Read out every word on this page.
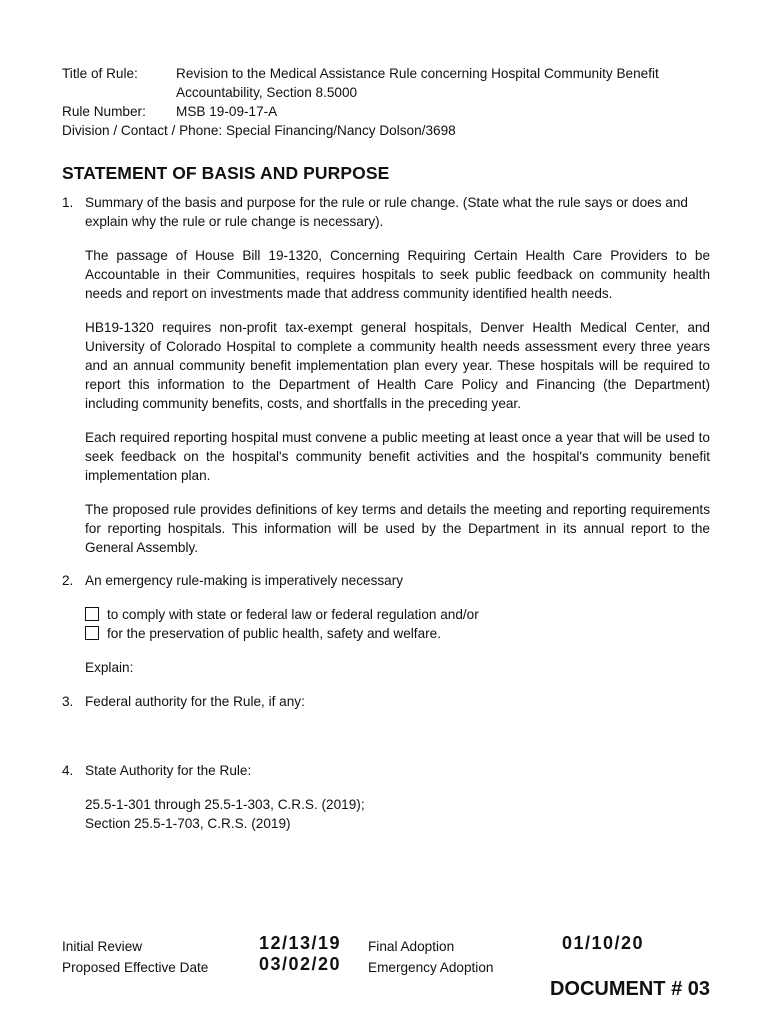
Title of Rule:	Revision to the Medical Assistance Rule concerning Hospital Community Benefit
Accountability, Section 8.5000
Rule Number: MSB 19-09-17-A
Division / Contact / Phone: Special Financing/Nancy Dolson/3698
STATEMENT OF BASIS AND PURPOSE
1. Summary of the basis and purpose for the rule or rule change. (State what the rule says or does and explain why the rule or rule change is necessary).
The passage of House Bill 19-1320, Concerning Requiring Certain Health Care Providers to be Accountable in their Communities, requires hospitals to seek public feedback on community health needs and report on investments made that address community identified health needs.
HB19-1320 requires non-profit tax-exempt general hospitals, Denver Health Medical Center, and University of Colorado Hospital to complete a community health needs assessment every three years and an annual community benefit implementation plan every year. These hospitals will be required to report this information to the Department of Health Care Policy and Financing (the Department) including community benefits, costs, and shortfalls in the preceding year.
Each required reporting hospital must convene a public meeting at least once a year that will be used to seek feedback on the hospital's community benefit activities and the hospital's community benefit implementation plan.
The proposed rule provides definitions of key terms and details the meeting and reporting requirements for reporting hospitals. This information will be used by the Department in its annual report to the General Assembly.
2. An emergency rule-making is imperatively necessary
to comply with state or federal law or federal regulation and/or
for the preservation of public health, safety and welfare.
Explain:
3. Federal authority for the Rule, if any:
4. State Authority for the Rule:
25.5-1-301 through 25.5-1-303, C.R.S. (2019);
Section 25.5-1-703, C.R.S. (2019)
Initial Review	12/13/19 Final Adoption	01/10/20
Proposed Effective Date	03/02/20 Emergency Adoption
DOCUMENT # 03
